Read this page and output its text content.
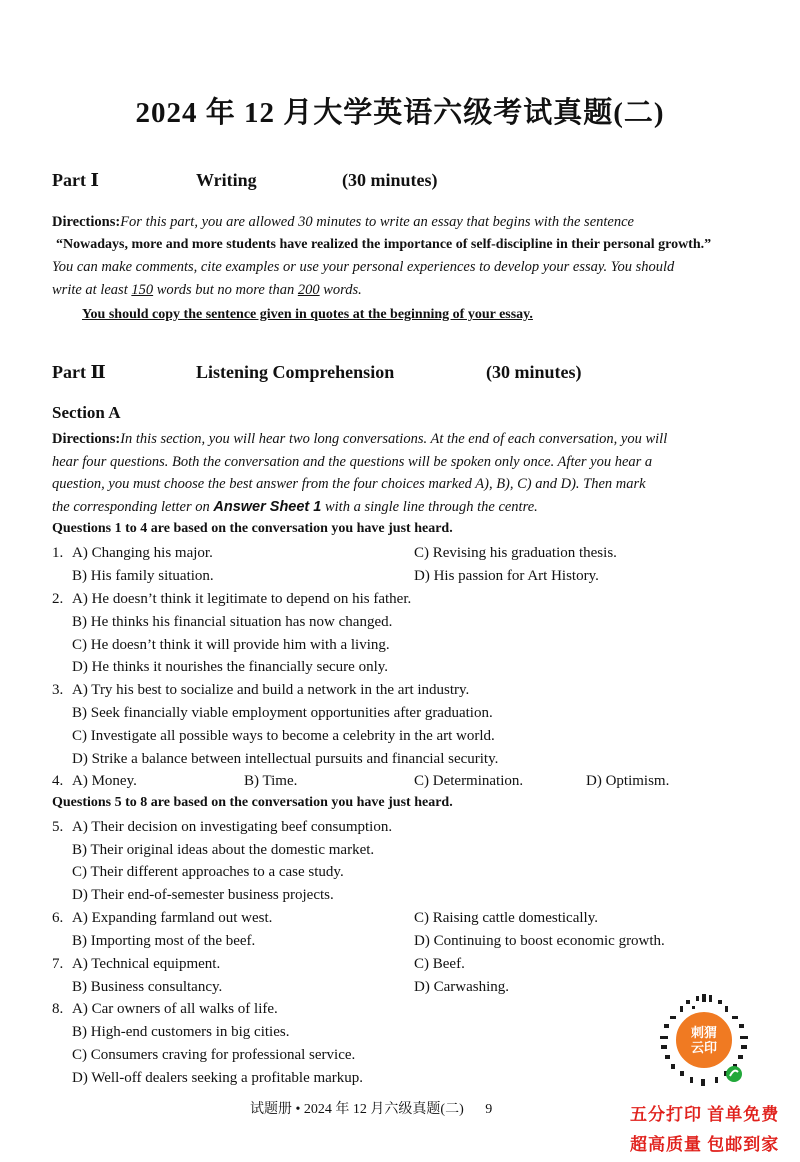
2024 年 12 月大学英语六级考试真题(二)
Part Ⅰ	Writing	(30 minutes)
Directions:For this part, you are allowed 30 minutes to write an essay that begins with the sentence
“Nowadays, more and more students have realized the importance of self-discipline in their personal growth.”
You can make comments, cite examples or use your personal experiences to develop your essay. You should
write at least 150 words but no more than 200 words.
You should copy the sentence given in quotes at the beginning of your essay.
Part Ⅱ	Listening Comprehension	(30 minutes)
Section A
Directions:In this section, you will hear two long conversations. At the end of each conversation, you will
hear four questions. Both the conversation and the questions will be spoken only once. After you hear a
question, you must choose the best answer from the four choices marked A), B), C) and D). Then mark
the corresponding letter on Answer Sheet 1 with a single line through the centre.
Questions 1 to 4 are based on the conversation you have just heard.
1. A) Changing his major.	C) Revising his graduation thesis.
B) His family situation.	D) His passion for Art History.
2. A) He doesn’t think it legitimate to depend on his father.
B) He thinks his financial situation has now changed.
C) He doesn’t think it will provide him with a living.
D) He thinks it nourishes the financially secure only.
3. A) Try his best to socialize and build a network in the art industry.
B) Seek financially viable employment opportunities after graduation.
C) Investigate all possible ways to become a celebrity in the art world.
D) Strike a balance between intellectual pursuits and financial security.
4. A) Money.	B) Time.	C) Determination.	D) Optimism.
Questions 5 to 8 are based on the conversation you have just heard.
5. A) Their decision on investigating beef consumption.
B) Their original ideas about the domestic market.
C) Their different approaches to a case study.
D) Their end-of-semester business projects.
6. A) Expanding farmland out west.	C) Raising cattle domestically.
B) Importing most of the beef.	D) Continuing to boost economic growth.
7. A) Technical equipment.	C) Beef.
B) Business consultancy.	D) Carwashing.
8. A) Car owners of all walks of life.
B) High-end customers in big cities.
C) Consumers craving for professional service.
D) Well-off dealers seeking a profitable markup.
刺猬
云印
试题册 • 2024 年 12 月六级真题(二) 9	五分打印 首单免费
超高质量 包邮到家
